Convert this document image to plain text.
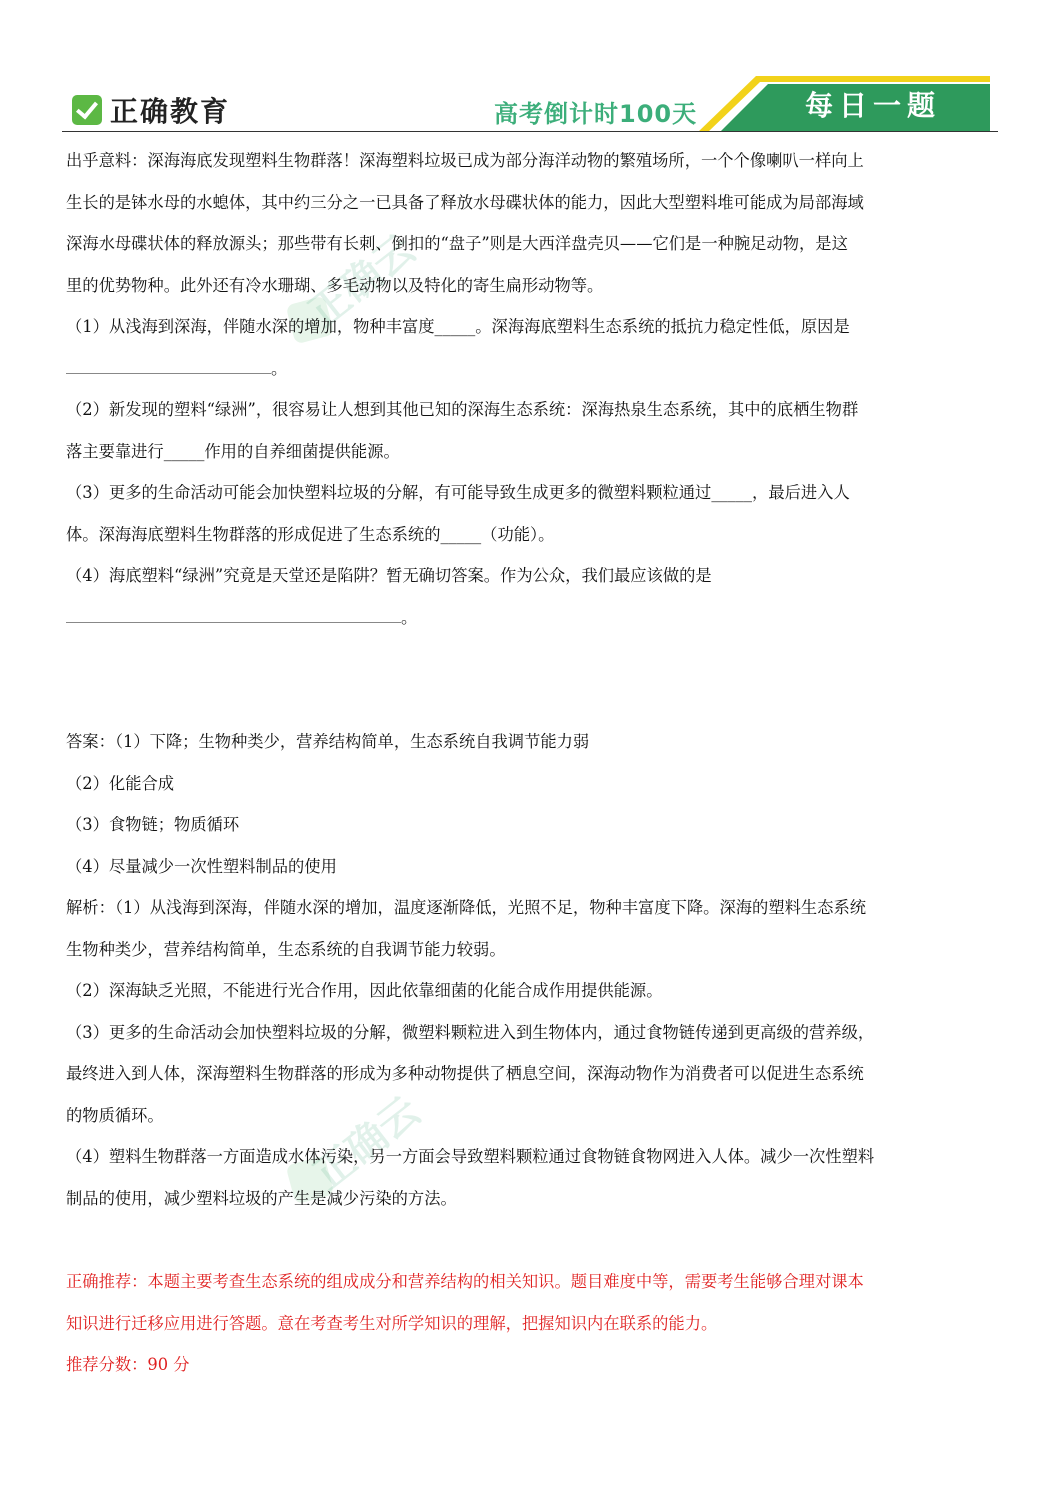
正确教育	高考倒计时100天	每日一题
正确云
正确云

出乎意料：深海海底发现塑料生物群落！深海塑料垃圾已成为部分海洋动物的繁殖场所，一个个像喇叭一样向上

生长的是钵水母的水螅体，其中约三分之一已具备了释放水母碟状体的能力，因此大型塑料堆可能成为局部海域

深海水母碟状体的释放源头；那些带有长刺、倒扣的“盘子”则是大西洋盘壳贝——它们是一种腕足动物，是这

里的优势物种。此外还有冷水珊瑚、多毛动物以及特化的寄生扁形动物等。

（1）从浅海到深海，伴随水深的增加，物种丰富度_____。深海海底塑料生态系统的抵抗力稳定性低，原因是

。

（2）新发现的塑料“绿洲”，很容易让人想到其他已知的深海生态系统：深海热泉生态系统，其中的底栖生物群

落主要靠进行_____作用的自养细菌提供能源。

（3）更多的生命活动可能会加快塑料垃圾的分解，有可能导致生成更多的微塑料颗粒通过_____，最后进入人

体。深海海底塑料生物群落的形成促进了生态系统的_____（功能）。

（4）海底塑料“绿洲”究竟是天堂还是陷阱？暂无确切答案。作为公众，我们最应该做的是

。

答案：（1）下降；生物种类少，营养结构简单，生态系统自我调节能力弱

（2）化能合成

（3）食物链；物质循环

（4）尽量减少一次性塑料制品的使用

解析：（1）从浅海到深海，伴随水深的增加，温度逐渐降低，光照不足，物种丰富度下降。深海的塑料生态系统

生物种类少，营养结构简单，生态系统的自我调节能力较弱。

（2）深海缺乏光照，不能进行光合作用，因此依靠细菌的化能合成作用提供能源。

（3）更多的生命活动会加快塑料垃圾的分解，微塑料颗粒进入到生物体内，通过食物链传递到更高级的营养级，

最终进入到人体，深海塑料生物群落的形成为多种动物提供了栖息空间，深海动物作为消费者可以促进生态系统

的物质循环。

（4）塑料生物群落一方面造成水体污染，另一方面会导致塑料颗粒通过食物链食物网进入人体。减少一次性塑料

制品的使用，减少塑料垃圾的产生是减少污染的方法。

正确推荐：本题主要考查生态系统的组成成分和营养结构的相关知识。题目难度中等，需要考生能够合理对课本

知识进行迁移应用进行答题。意在考查考生对所学知识的理解，把握知识内在联系的能力。

推荐分数：90 分
